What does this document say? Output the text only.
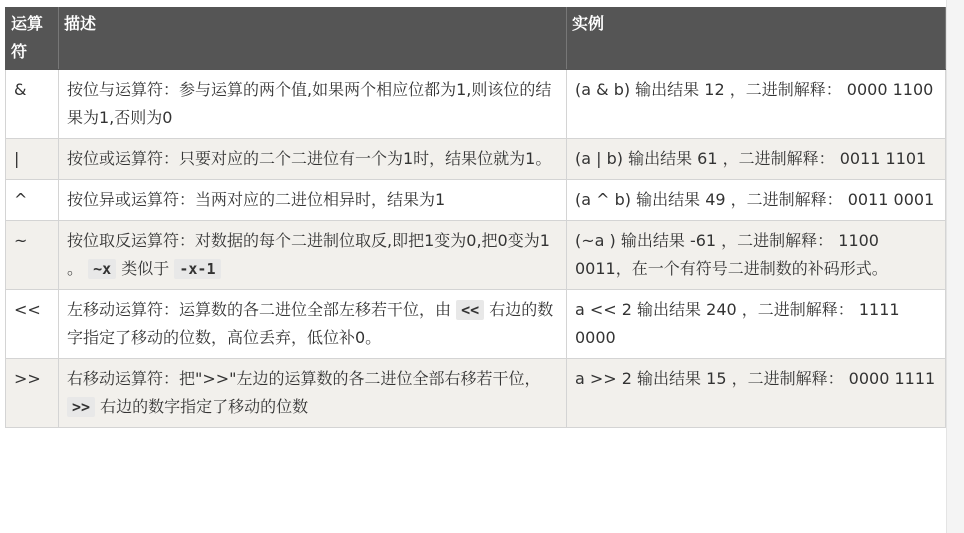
运算符	描述	实例
&	按位与运算符：参与运算的两个值,如果两个相应位都为1,则该位的结果为1,否则为0	(a & b) 输出结果 12 ，二进制解释： 0000 1100
|	按位或运算符：只要对应的二个二进位有一个为1时，结果位就为1。	(a | b) 输出结果 61 ，二进制解释： 0011 1101
^	按位异或运算符：当两对应的二进位相异时，结果为1	(a ^ b) 输出结果 49 ，二进制解释： 0011 0001
~	按位取反运算符：对数据的每个二进制位取反,即把1变为0,把0变为1 。 ~x 类似于 -x-1	(~a ) 输出结果 -61 ，二进制解释： 1100 0011，在一个有符号二进制数的补码形式。
<<	左移动运算符：运算数的各二进位全部左移若干位，由 << 右边的数字指定了移动的位数，高位丢弃，低位补0。	a << 2 输出结果 240 ，二进制解释： 1111 0000
>>	右移动运算符：把">>"左边的运算数的各二进位全部右移若干位， >> 右边的数字指定了移动的位数	a >> 2 输出结果 15 ，二进制解释： 0000 1111
